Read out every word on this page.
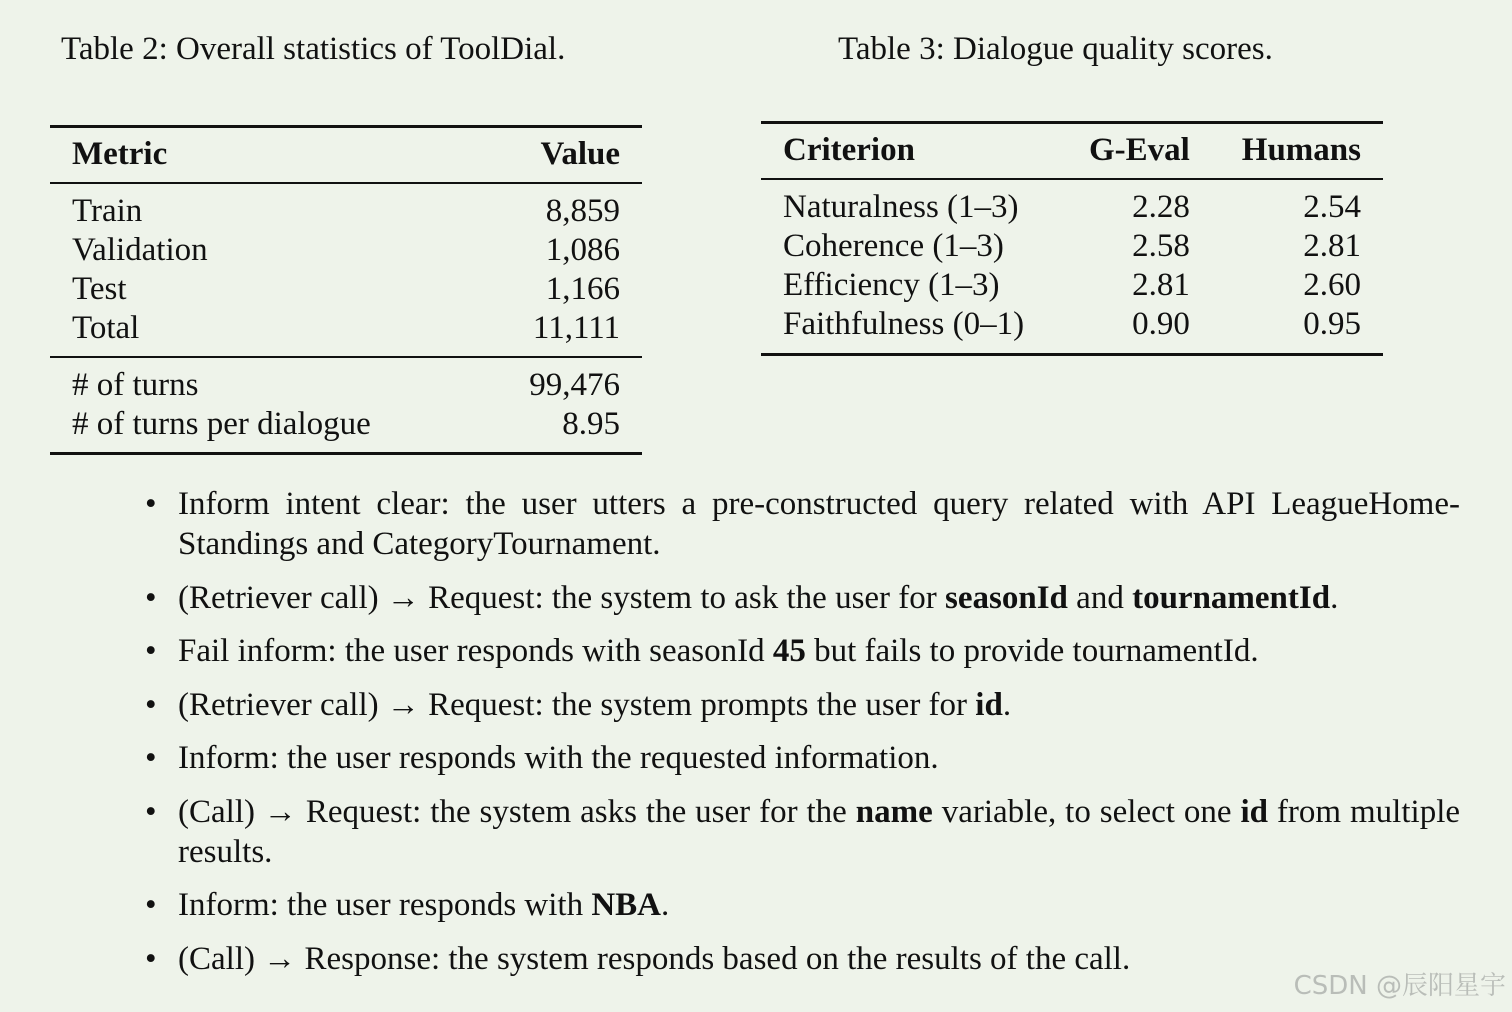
Table 2: Overall statistics of ToolDial.	Table 3: Dialogue quality scores.
Metric	Value
Train	8,859
Validation	1,086
Test	1,166
Total	11,111
# of turns	99,476
# of turns per dialogue	8.95
Criterion	G-Eval	Humans
Naturalness (1–3)	2.28	2.54
Coherence (1–3)	2.58	2.81
Efficiency (1–3)	2.81	2.60
Faithfulness (0–1)	0.90	0.95
• Inform intent clear: the user utters a pre-constructed query related with API LeagueHome-Standings and CategoryTournament.
• (Retriever call) → Request: the system to ask the user for seasonId and tournamentId.
• Fail inform: the user responds with seasonId 45 but fails to provide tournamentId.
• (Retriever call) → Request: the system prompts the user for id.
• Inform: the user responds with the requested information.
• (Call) → Request: the system asks the user for the name variable, to select one id from multiple results.
• Inform: the user responds with NBA.
• (Call) → Response: the system responds based on the results of the call.
CSDN @辰阳星宇
